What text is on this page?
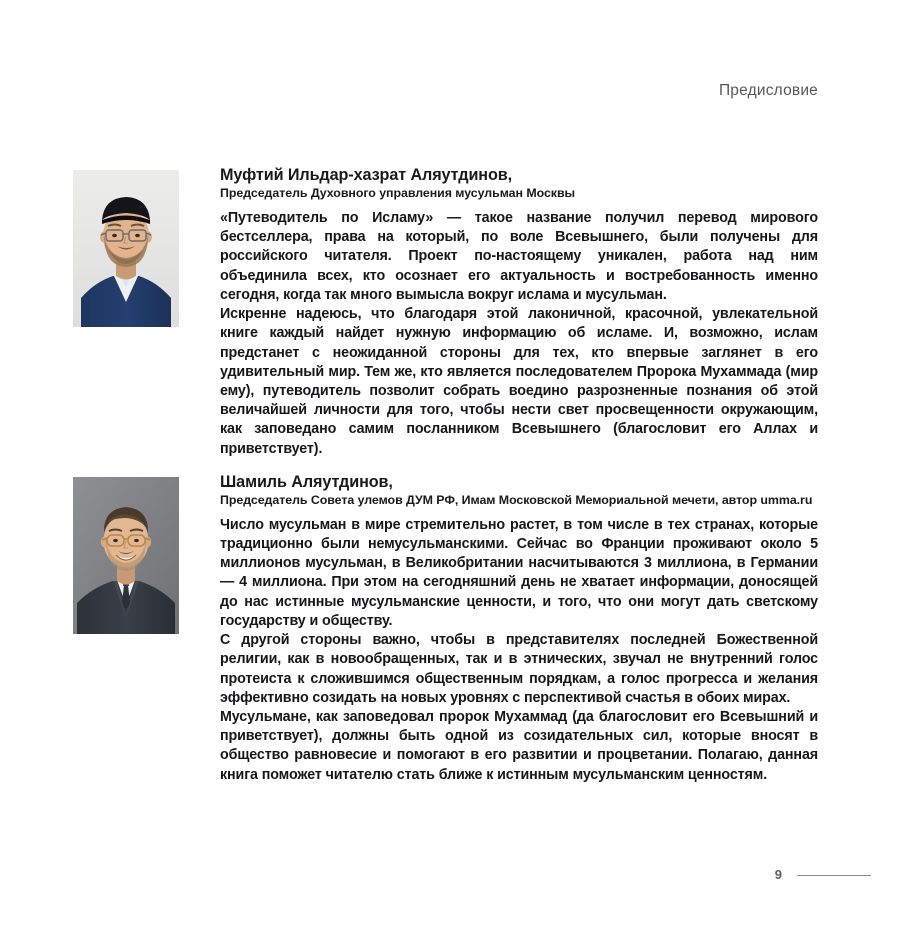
Предисловие
Муфтий Ильдар-хазрат Аляутдинов,
Председатель Духовного управления мусульман Москвы

«Путеводитель по Исламу» — такое название получил перевод мирового бестселлера, права на который, по воле Всевышнего, были получены для российского читателя. Проект по-настоящему уникален, работа над ним объединила всех, кто осознает его актуальность и востребованность именно сегодня, когда так много вымысла вокруг ислама и мусульман.

Искренне надеюсь, что благодаря этой лаконичной, красочной, увлекательной книге каждый найдет нужную информацию об исламе. И, возможно, ислам предстанет с неожиданной стороны для тех, кто впервые заглянет в его удивительный мир. Тем же, кто является последователем Пророка Мухаммада (мир ему), путеводитель позволит собрать воедино разрозненные познания об этой величайшей личности для того, чтобы нести свет просвещенности окружающим, как заповедано самим посланником Всевышнего (благословит его Аллах и приветствует).

Шамиль Аляутдинов,
Председатель Совета улемов ДУМ РФ, Имам Московской Мемориальной мечети, автор umma.ru

Число мусульман в мире стремительно растет, в том числе в тех странах, которые традиционно были немусульманскими. Сейчас во Франции проживают около 5 миллионов мусульман, в Великобритании насчитываются 3 миллиона, в Германии — 4 миллиона. При этом на сегодняшний день не хватает информации, доносящей до нас истинные мусульманские ценности, и того, что они могут дать светскому государству и обществу.

С другой стороны важно, чтобы в представителях последней Божественной религии, как в новообращенных, так и в этнических, звучал не внутренний голос протеиста к сложившимся общественным порядкам, а голос прогресса и желания эффективно созидать на новых уровнях с перспективой счастья в обоих мирах.

Мусульмане, как заповедовал пророк Мухаммад (да благословит его Всевышний и приветствует), должны быть одной из созидательных сил, которые вносят в общество равновесие и помогают в его развитии и процветании. Полагаю, данная книга поможет читателю стать ближе к истинным мусульманским ценностям.

9
